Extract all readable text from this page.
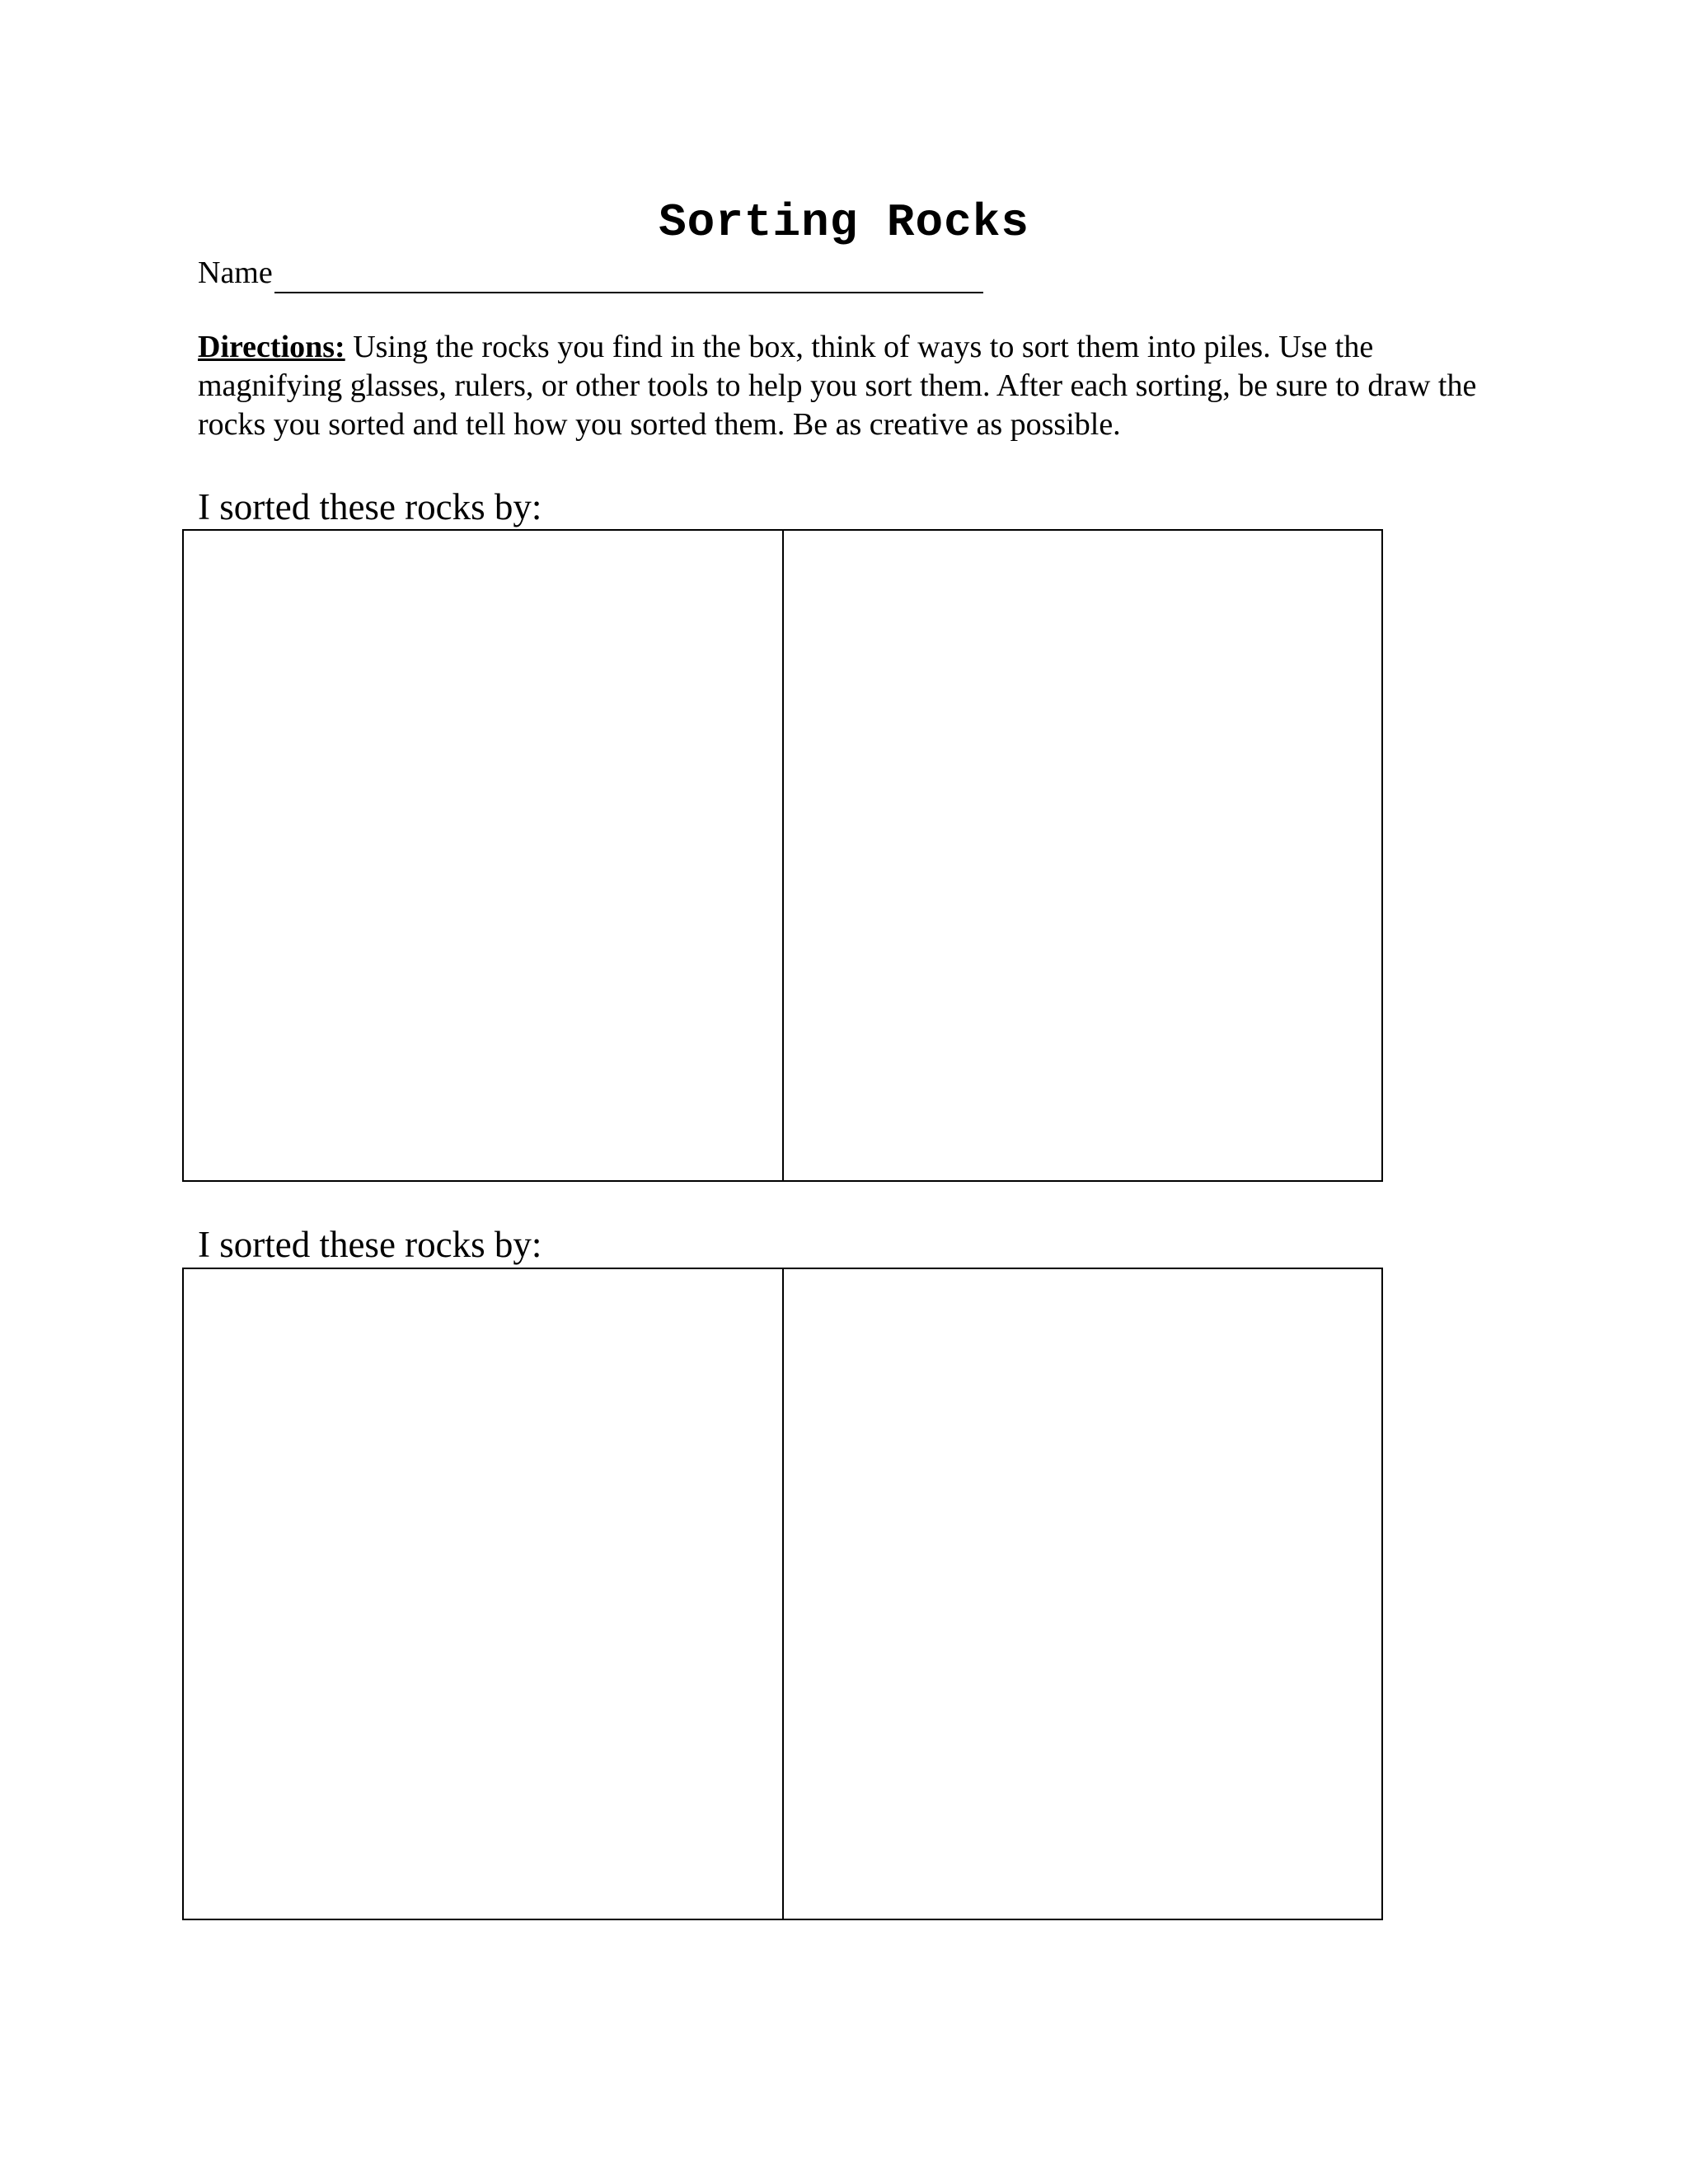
Sorting Rocks
Name
Directions: Using the rocks you find in the box, think of ways to sort them into piles. Use the magnifying glasses, rulers, or other tools to help you sort them. After each sorting, be sure to draw the rocks you sorted and tell how you sorted them. Be as creative as possible.
I sorted these rocks by:
I sorted these rocks by:
